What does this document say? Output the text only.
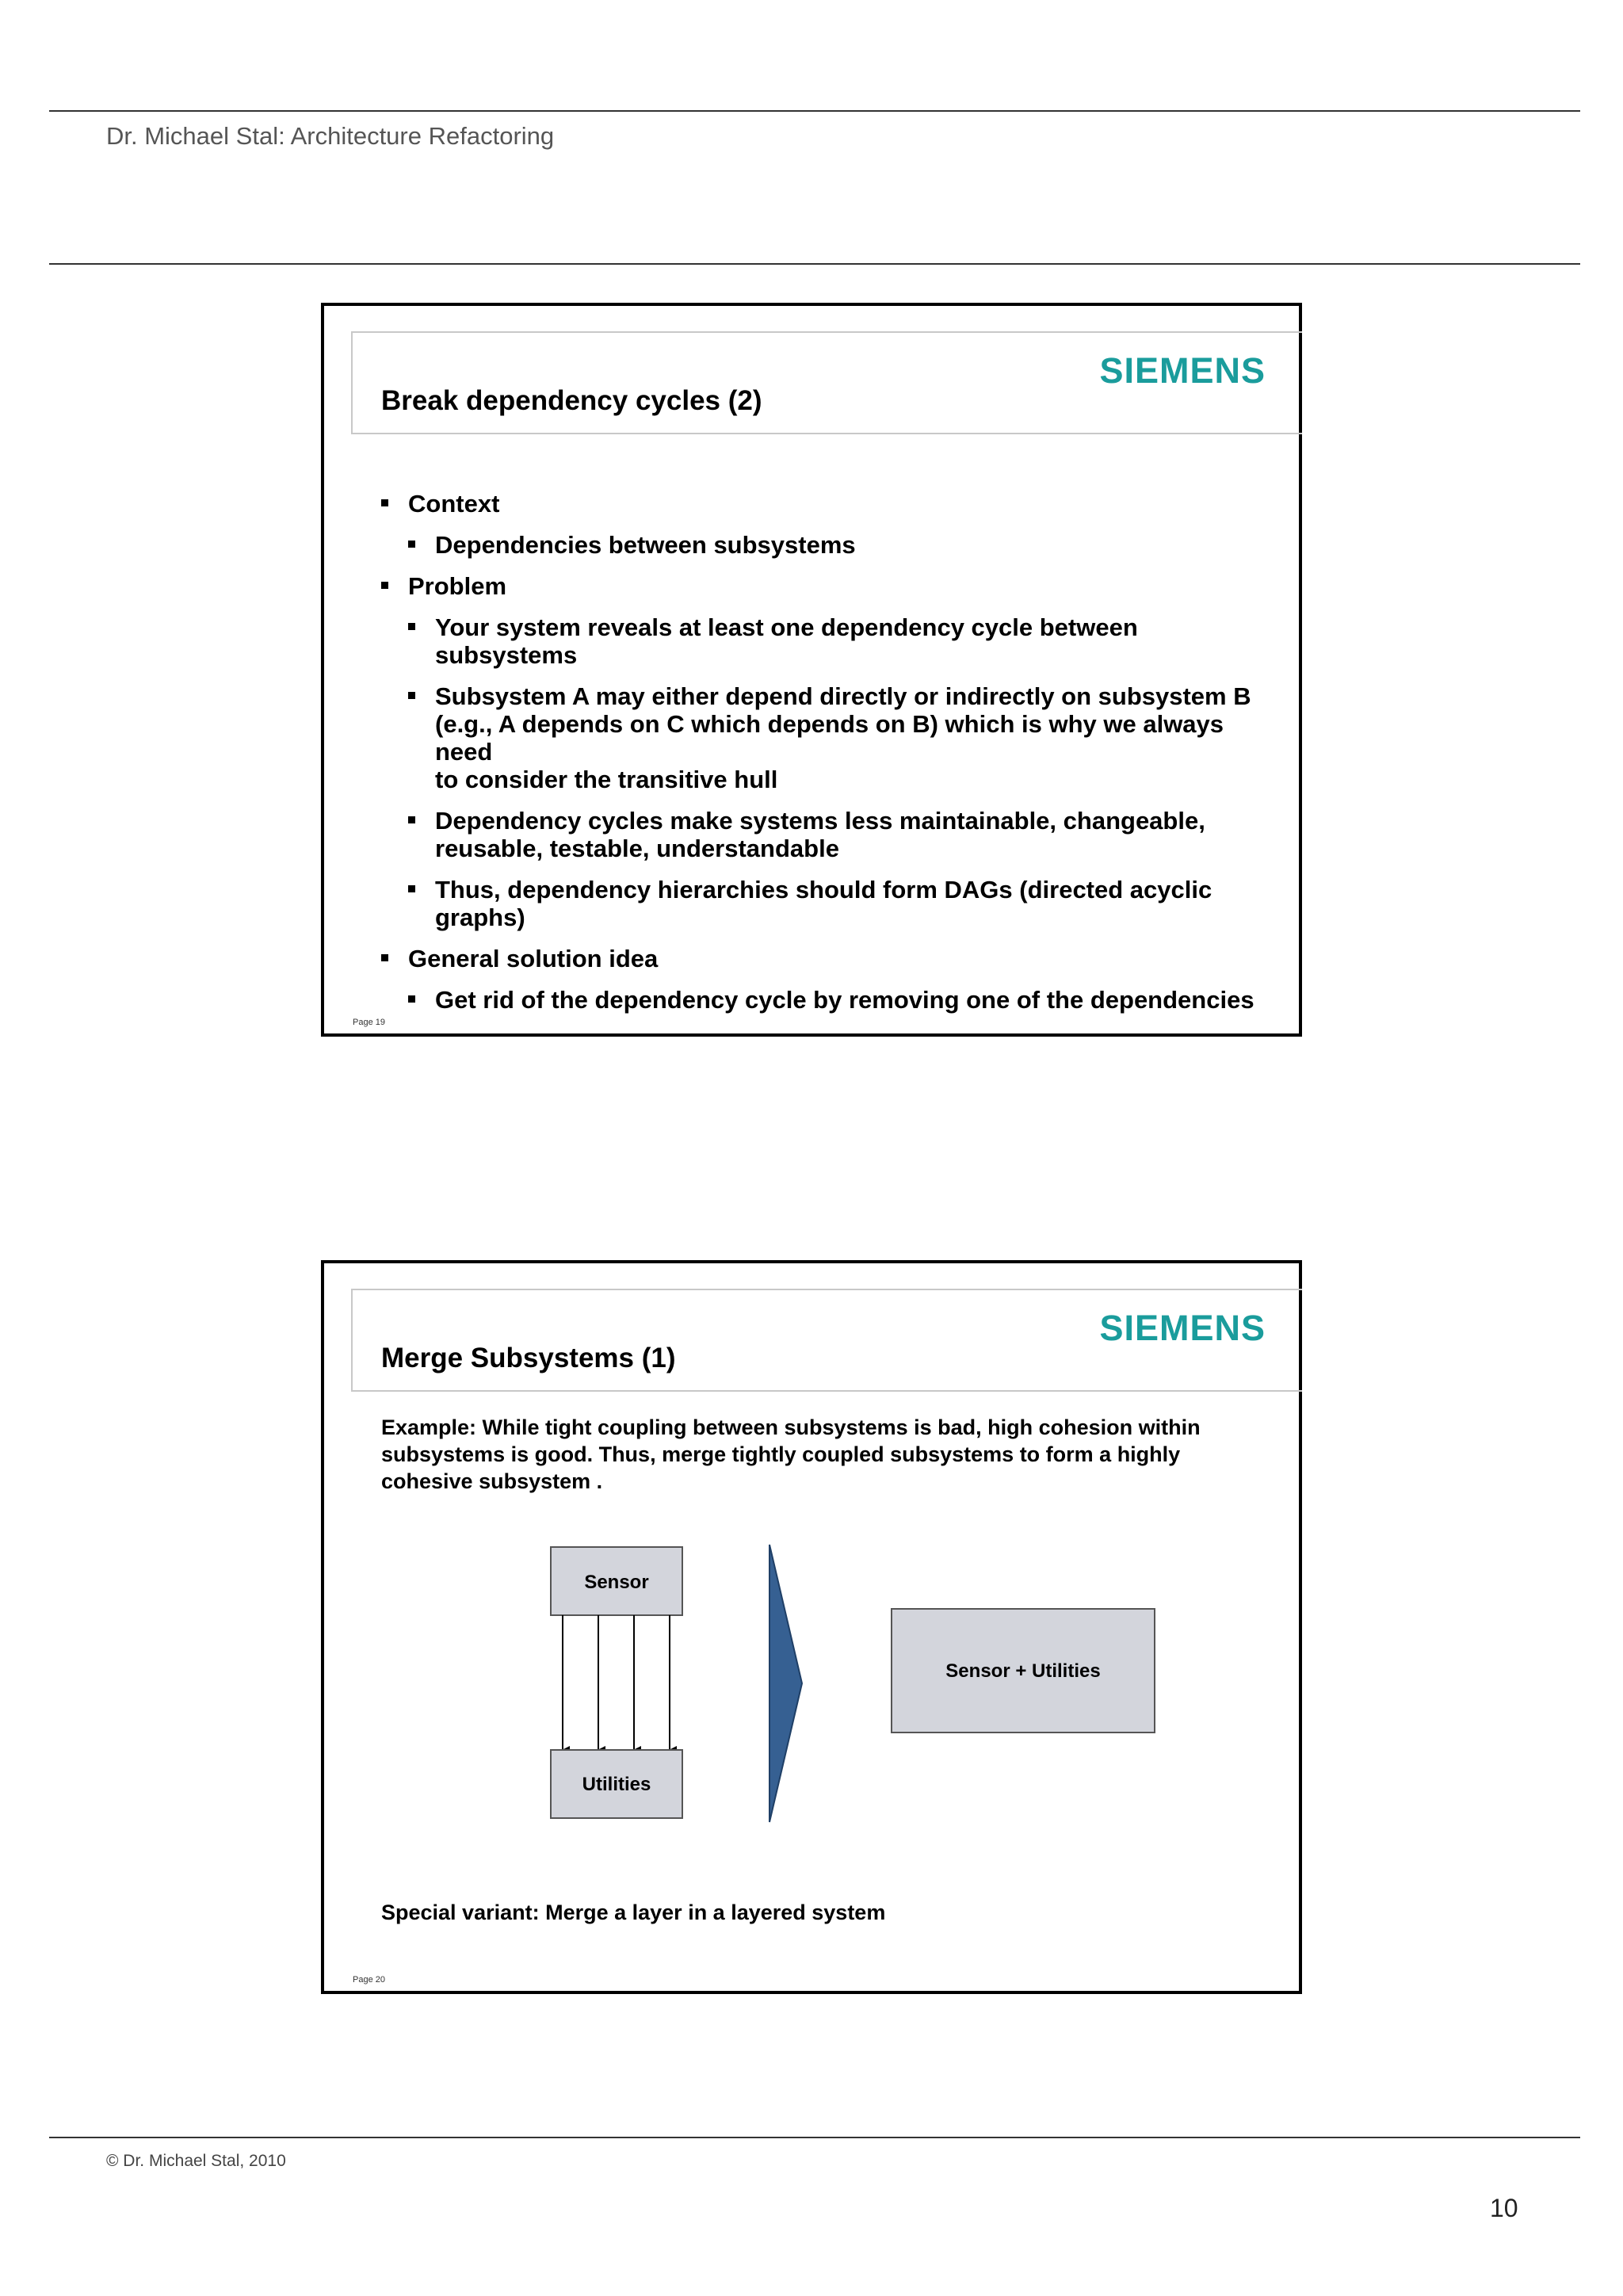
Dr. Michael Stal: Architecture Refactoring
SIEMENS
Break dependency cycles (2)
Context
Dependencies between subsystems
Problem
Your system reveals at least one dependency cycle between subsystems
Subsystem A may either depend directly or indirectly on subsystem B (e.g., A depends on C which depends on B) which is why we always need
to consider the transitive hull
Dependency cycles make systems less maintainable, changeable, reusable, testable, understandable
Thus, dependency hierarchies should form DAGs (directed acyclic graphs)
General solution idea
Get rid of the dependency cycle by removing one of the dependencies
Page 19
SIEMENS
Merge Subsystems (1)
Example: While tight coupling between subsystems is bad, high cohesion within subsystems is good. Thus, merge tightly coupled subsystems to form a highly cohesive subsystem .
Sensor
Utilities
Sensor + Utilities
Special variant: Merge a layer in a layered system
Page 20
© Dr. Michael Stal, 2010
10
